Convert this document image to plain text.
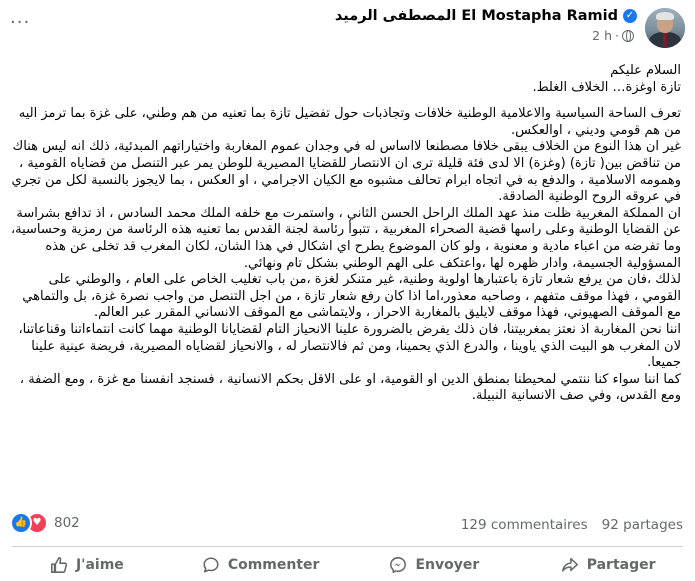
✓
المصطفى الرميد El Mostapha Ramid
·
2 h
···

السلام عليكم

تازة اوغزة… الخلاف الغلط.

تعرف الساحة السياسية والاعلامية الوطنية خلافات وتجاذبات حول تفضيل تازة بما تعنيه من هم وطني، على غزة بما ترمز اليه من هم قومي وديني ، اوالعكس.

غير ان هذا النوع من الخلاف يبقى خلافا مصطنعا لااساس له في وجدان عموم المغاربة واختياراتهم المبدئية، ذلك انه ليس هناك من تناقض بين( تازة) (وغزة) الا لدى فئة قليلة ترى ان الانتصار للقضايا المصيرية للوطن يمر عبر التنصل من قضاياه القومية ، وهمومه الاسلامية ، والدفع به في اتجاه ابرام تحالف مشبوه مع الكيان الاجرامي ، او العكس ، بما لايجوز بالنسبة لكل من تجري في عروقه الروح الوطنية الصادقة.

ان المملكة المغربية ظلت منذ عهد الملك الراحل الحسن الثاني ، واستمرت مع خلفه الملك محمد السادس ، اذ تدافع بشراسة عن القضايا الوطنية وعلى راسها قضية الصحراء المغربية ، تتبوأ رئاسة لجنة القدس بما تعنيه هذه الرئاسة من رمزية وحساسية، وما تفرضه من اعباء مادية و معنوية ، ولو كان الموضوع يطرح اي اشكال في هذا الشان، لكان المغرب قد تخلى عن هذه المسؤولية الجسيمة، وادار ظهره لها ،واعتكف على الهم الوطني بشكل تام ونهائي.

لذلك ،فان من يرفع شعار تازة باعتبارها اولوية وطنية، غير متنكر لغزة ،من باب تغليب الخاص على العام ، والوطني على القومي ، فهذا موقف متفهم ، وصاحبه معذور،اما اذا كان رفع شعار تازة ، من اجل التنصل من واجب نصرة غزة، بل والتماهي مع الموقف الصهيوني، فهذا موقف لايليق بالمغاربة الاحرار ، ولايتماشى مع الموقف الانساني المقرر عبر العالم.

اننا نحن المغاربة اذ نعتز بمغربيتنا، فان ذلك يفرض بالضرورة علينا الانحياز التام لقضايانا الوطنية مهما كانت انتماءاتنا وقناعاتنا، لان المغرب هو البيت الذي ياوينا ، والدرع الذي يحمينا، ومن ثم فالانتصار له ، والانحياز لقضاياه المصيرية، فريضة عينية علينا جميعا.

كما اننا سواء كنا ننتمي لمحيطنا بمنطق الدين او القومية، او على الاقل بحكم الانسانية ، فسنجد انفسنا مع غزة ، ومع الضفة ، ومع القدس، وفي صف الانسانية النبيلة.

👍 ♥ 802	129 commentaires 92 partages
J'aime	Commenter	Envoyer	Partager
